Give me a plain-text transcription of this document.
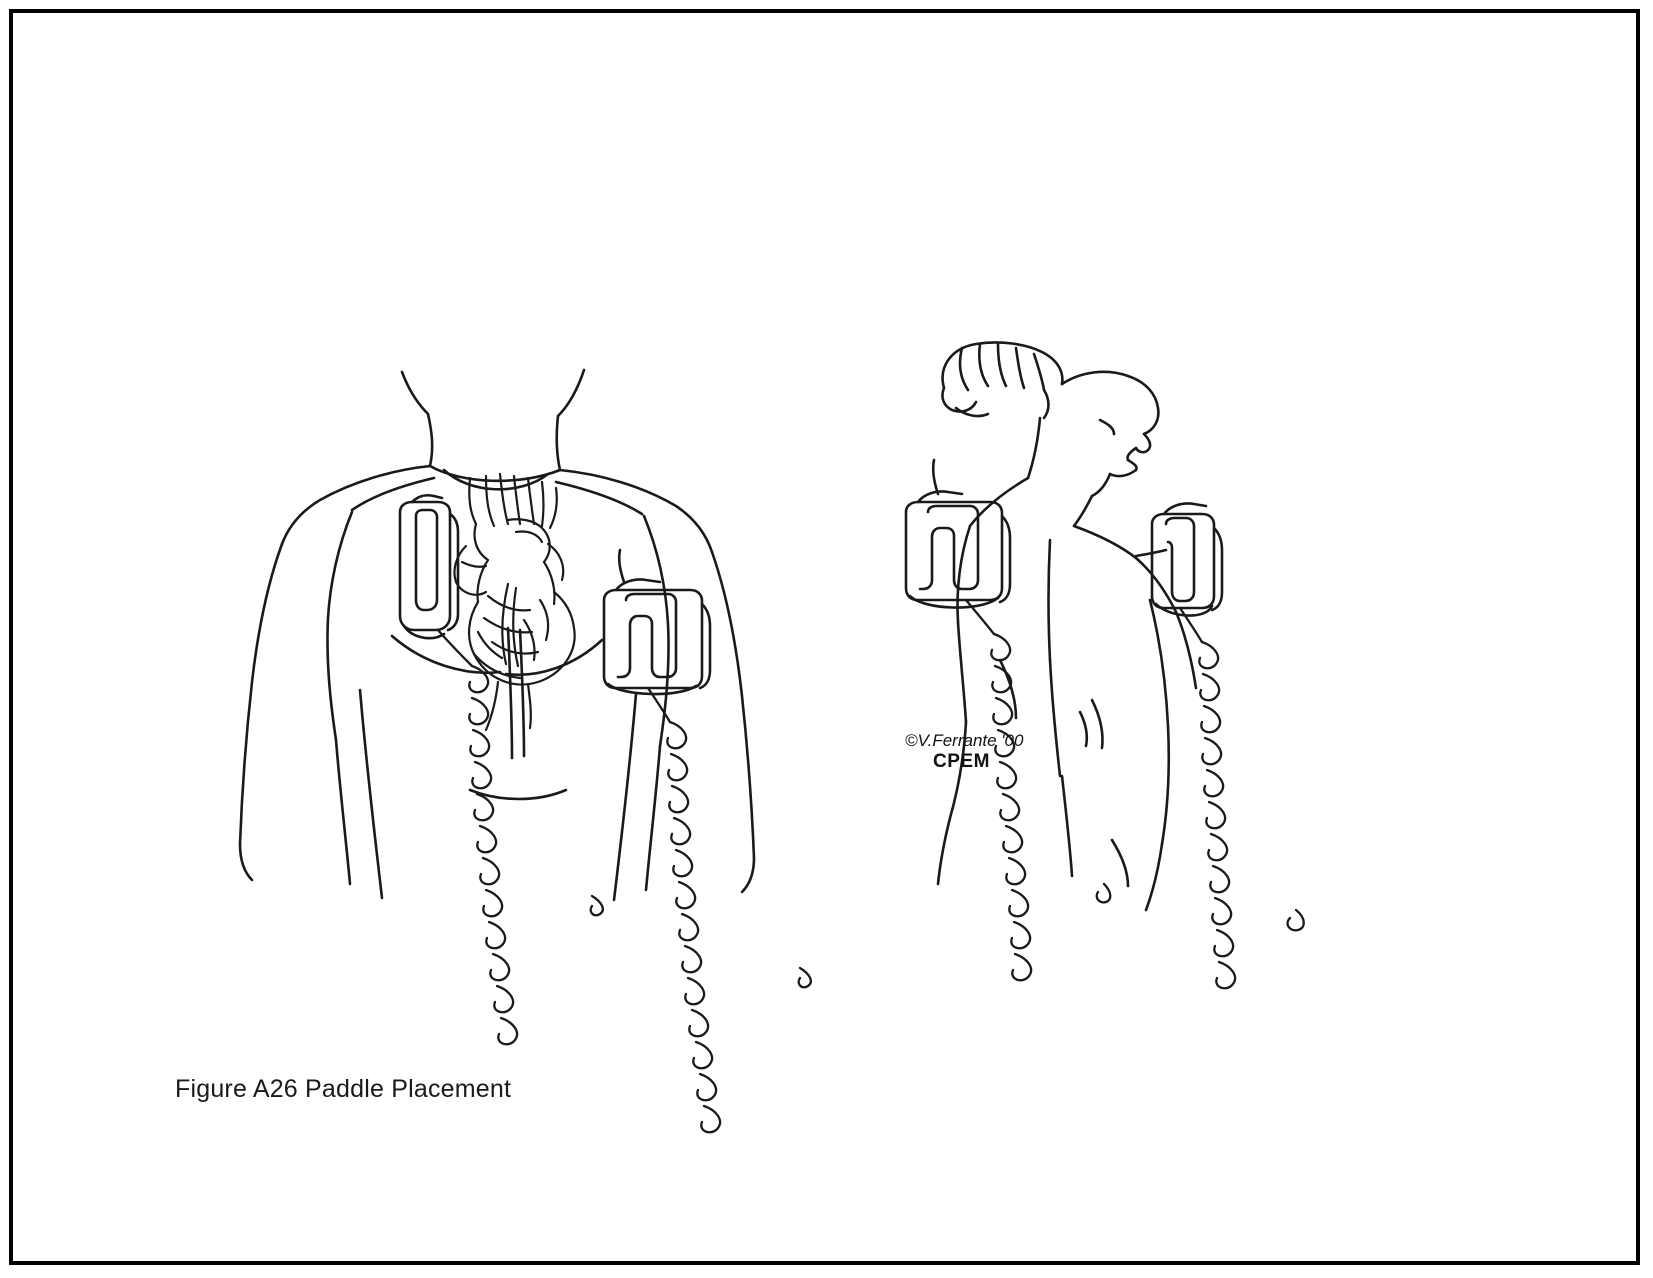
©V.Ferrante '00
CPEM
Figure A26 Paddle Placement
